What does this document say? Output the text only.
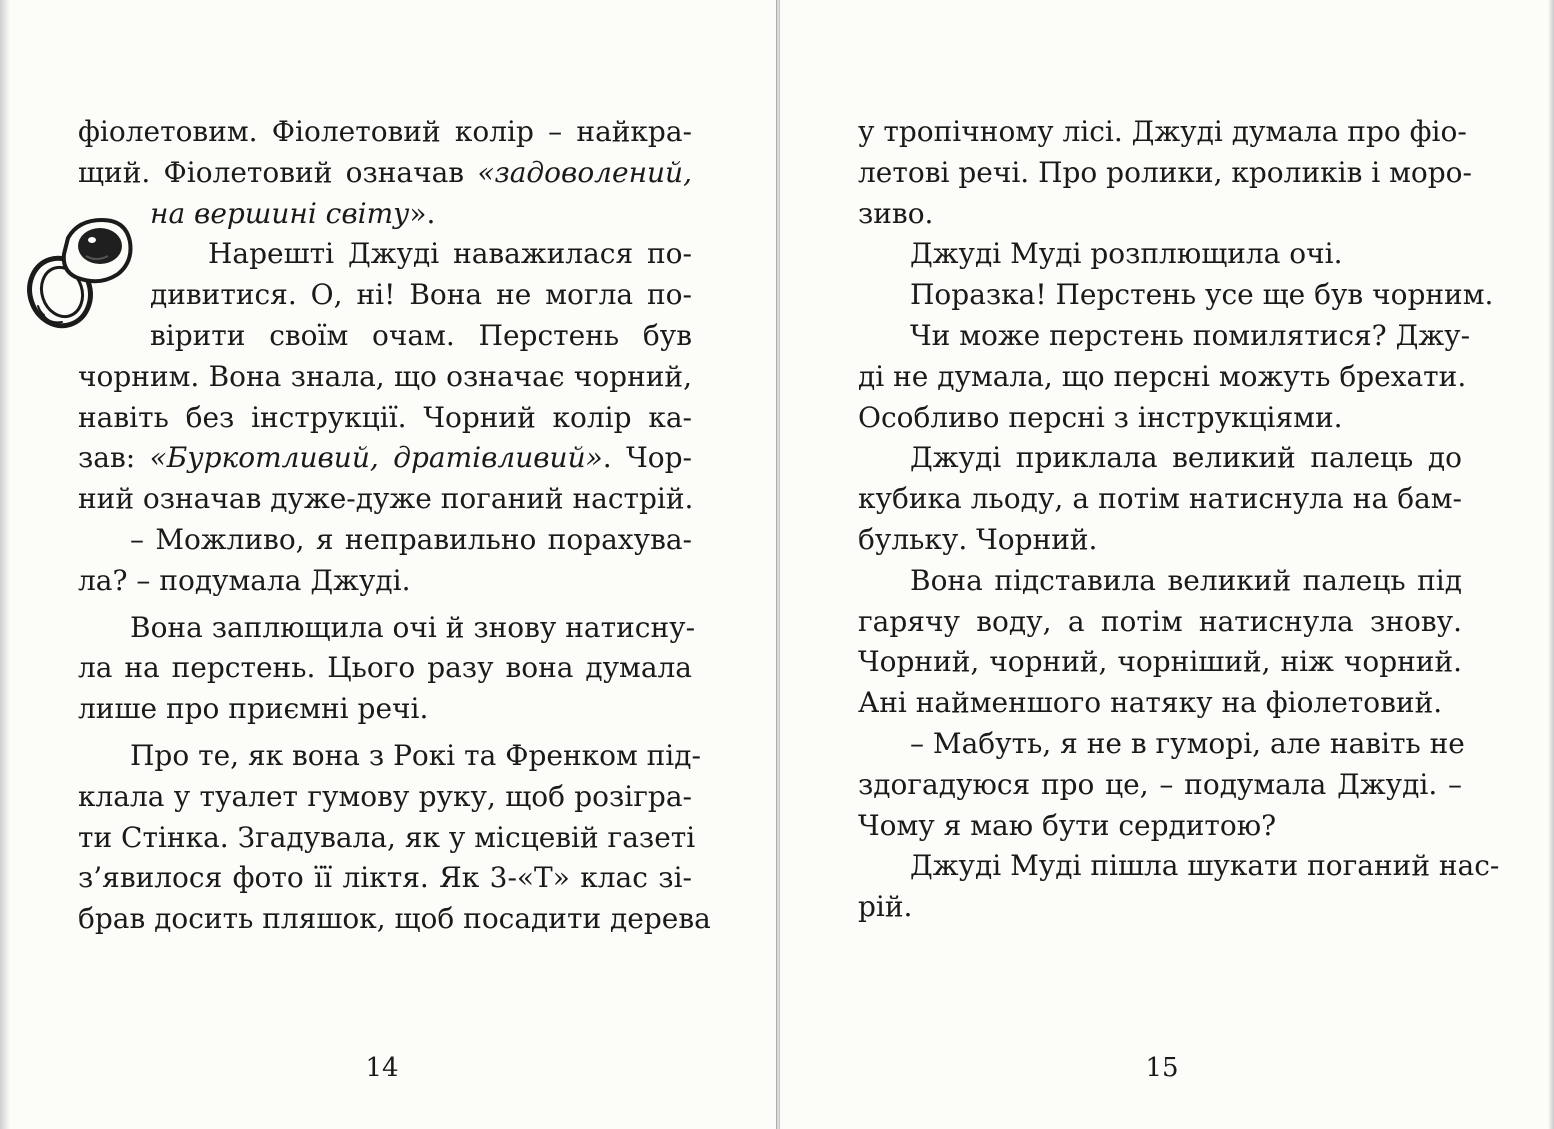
фіолетовим. Фіолетовий колір – найкра-
щий. Фіолетовий означав «задоволений,
на вершині світу».
Нарешті Джуді наважилася по-
дивитися. О, ні! Вона не могла по-
вірити своїм очам. Перстень був
чорним. Вона знала, що означає чорний,
навіть без інструкції. Чорний колір ка-
зав: «Буркотливий, дратівливий». Чор-
ний означав дуже-дуже поганий настрій.
– Можливо, я неправильно порахува-
ла? – подумала Джуді.
Вона заплющила очі й знову натисну-
ла на перстень. Цього разу вона думала
лише про приємні речі.
Про те, як вона з Рокі та Френком під-
клала у туалет гумову руку, щоб розігра-
ти Стінка. Згадувала, як у місцевій газеті
з’явилося фото її ліктя. Як 3-«Т» клас зі-
брав досить пляшок, щоб посадити дерева
14
у тропічному лісі. Джуді думала про фіо-
летові речі. Про ролики, кроликів і моро-
зиво.
Джуді Муді розплющила очі.
Поразка! Перстень усе ще був чорним.
Чи може перстень помилятися? Джу-
ді не думала, що персні можуть брехати.
Особливо персні з інструкціями.
Джуді приклала великий палець до
кубика льоду, а потім натиснула на бам-
бульку. Чорний.
Вона підставила великий палець під
гарячу воду, а потім натиснула знову.
Чорний, чорний, чорніший, ніж чорний.
Ані найменшого натяку на фіолетовий.
– Мабуть, я не в гуморі, але навіть не
здогадуюся про це, – подумала Джуді. –
Чому я маю бути сердитою?
Джуді Муді пішла шукати поганий нас-
рій.
15
